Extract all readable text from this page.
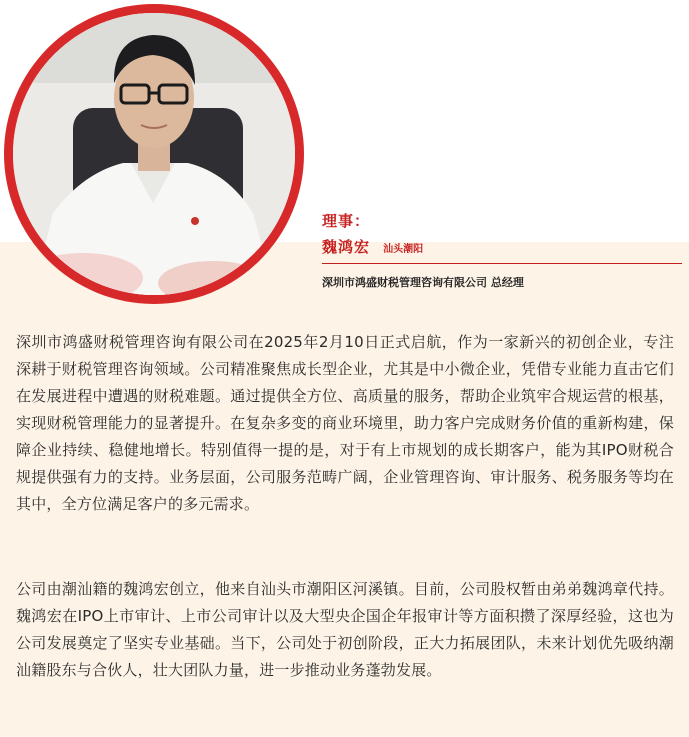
理事：
魏鸿宏 汕头潮阳
深圳市鸿盛财税管理咨询有限公司 总经理

深圳市鸿盛财税管理咨询有限公司在2025年2月10日正式启航，作为一家新兴的初创企业，专注深耕于财税管理咨询领域。公司精准聚焦成长型企业，尤其是中小微企业，凭借专业能力直击它们在发展进程中遭遇的财税难题。通过提供全方位、高质量的服务，帮助企业筑牢合规运营的根基，实现财税管理能力的显著提升。在复杂多变的商业环境里，助力客户完成财务价值的重新构建，保障企业持续、稳健地增长。特别值得一提的是，对于有上市规划的成长期客户，能为其IPO财税合规提供强有力的支持。业务层面，公司服务范畴广阔，企业管理咨询、审计服务、税务服务等均在其中，全方位满足客户的多元需求。

公司由潮汕籍的魏鸿宏创立，他来自汕头市潮阳区河溪镇。目前，公司股权暂由弟弟魏鸿章代持。魏鸿宏在IPO上市审计、上市公司审计以及大型央企国企年报审计等方面积攒了深厚经验，这也为公司发展奠定了坚实专业基础。当下，公司处于初创阶段，正大力拓展团队，未来计划优先吸纳潮汕籍股东与合伙人，壮大团队力量，进一步推动业务蓬勃发展。
